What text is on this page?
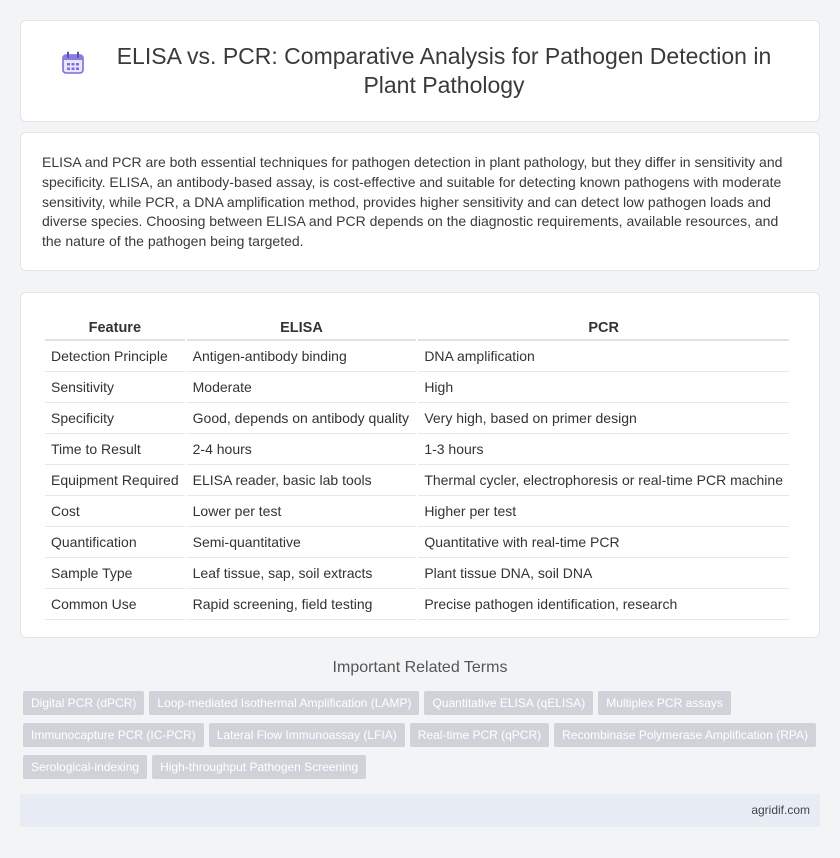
ELISA vs. PCR: Comparative Analysis for Pathogen Detection in Plant Pathology

ELISA and PCR are both essential techniques for pathogen detection in plant pathology, but they differ in sensitivity and specificity. ELISA, an antibody-based assay, is cost-effective and suitable for detecting known pathogens with moderate sensitivity, while PCR, a DNA amplification method, provides higher sensitivity and can detect low pathogen loads and diverse species. Choosing between ELISA and PCR depends on the diagnostic requirements, available resources, and the nature of the pathogen being targeted.

Feature	ELISA	PCR
Detection Principle	Antigen-antibody binding	DNA amplification
Sensitivity	Moderate	High
Specificity	Good, depends on antibody quality	Very high, based on primer design
Time to Result	2-4 hours	1-3 hours
Equipment Required	ELISA reader, basic lab tools	Thermal cycler, electrophoresis or real-time PCR machine
Cost	Lower per test	Higher per test
Quantification	Semi-quantitative	Quantitative with real-time PCR
Sample Type	Leaf tissue, sap, soil extracts	Plant tissue DNA, soil DNA
Common Use	Rapid screening, field testing	Precise pathogen identification, research
Important Related Terms
Digital PCR (dPCR) Loop-mediated Isothermal Amplification (LAMP) Quantitative ELISA (qELISA) Multiplex PCR assaysImmunocapture PCR (IC-PCR) Lateral Flow Immunoassay (LFIA) Real-time PCR (qPCR) Recombinase Polymerase Amplification (RPA)Serological-indexing High-throughput Pathogen Screening
agridif.com
